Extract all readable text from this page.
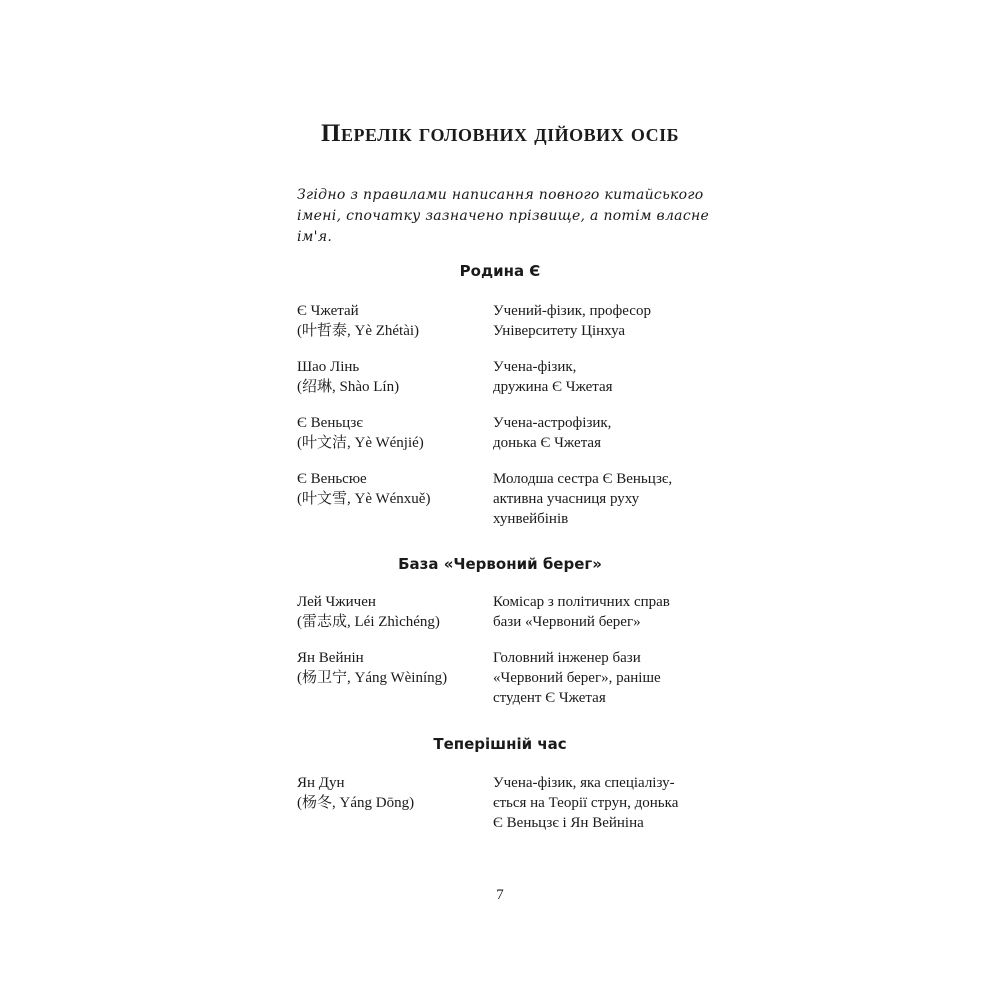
Перелік головних дійових осіб

Згідно з правилами написання повного китайського імені, спочатку зазначено прізвище, а потім власне ім'я.

Родина Є
Є Чжетай
(叶哲泰, Yè Zhétài)
Учений-фізик, професор
Університету Цінхуа
Шао Лінь
(绍琳, Shào Lín)
Учена-фізик,
дружина Є Чжетая
Є Веньцзє
(叶文洁, Yè Wénjié)
Учена-астрофізик,
донька Є Чжетая
Є Веньсюе
(叶文雪, Yè Wénxuě)
Молодша сестра Є Веньцзє,
активна учасниця руху
хунвейбінів
База «Червоний берег»
Лей Чжичен
(雷志成, Léi Zhìchéng)
Комісар з політичних справ
бази «Червоний берег»
Ян Вейнін
(杨卫宁, Yáng Wèiníng)
Головний інженер бази
«Червоний берег», раніше
студент Є Чжетая
Теперішній час
Ян Дун
(杨冬, Yáng Dōng)
Учена-фізик, яка спеціалізу-
ється на Теорії струн, донька
Є Веньцзє і Ян Вейніна
7
